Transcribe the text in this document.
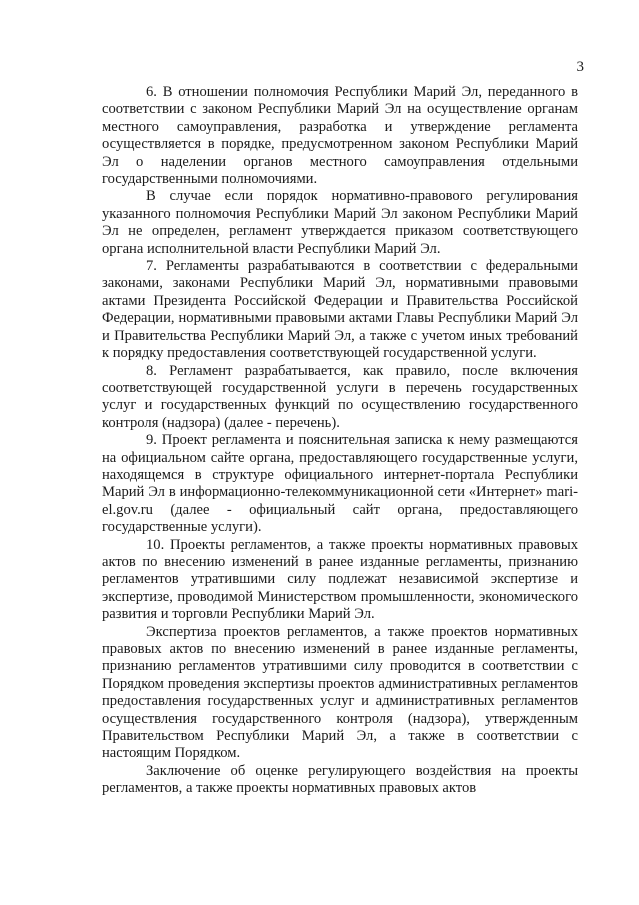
3

6. В отношении полномочия Республики Марий Эл, переданного в соответствии с законом Республики Марий Эл на осуществление органам местного самоуправления, разработка и утверждение регламента осуществляется в порядке, предусмотренном законом Республики Марий Эл о наделении органов местного самоуправления отдельными государственными полномочиями.

В случае если порядок нормативно-правового регулирования указанного полномочия Республики Марий Эл законом Республики Марий Эл не определен, регламент утверждается приказом соответствующего органа исполнительной власти Республики Марий Эл.

7. Регламенты разрабатываются в соответствии с федеральными законами, законами Республики Марий Эл, нормативными правовыми актами Президента Российской Федерации и Правительства Российской Федерации, нормативными правовыми актами Главы Республики Марий Эл и Правительства Республики Марий Эл, а также с учетом иных требований к порядку предоставления соответствующей государственной услуги.

8. Регламент разрабатывается, как правило, после включения соответствующей государственной услуги в перечень государственных услуг и государственных функций по осуществлению государственного контроля (надзора) (далее - перечень).

9. Проект регламента и пояснительная записка к нему размещаются на официальном сайте органа, предоставляющего государственные услуги, находящемся в структуре официального интернет-портала Республики Марий Эл в информационно-телекоммуникационной сети «Интернет» mari-el.gov.ru (далее - официальный сайт органа, предоставляющего государственные услуги).

10. Проекты регламентов, а также проекты нормативных правовых актов по внесению изменений в ранее изданные регламенты, признанию регламентов утратившими силу подлежат независимой экспертизе и экспертизе, проводимой Министерством промышленности, экономического развития и торговли Республики Марий Эл.

Экспертиза проектов регламентов, а также проектов нормативных правовых актов по внесению изменений в ранее изданные регламенты, признанию регламентов утратившими силу проводится в соответствии с Порядком проведения экспертизы проектов административных регламентов предоставления государственных услуг и административных регламентов осуществления государственного контроля (надзора), утвержденным Правительством Республики Марий Эл, а также в соответствии с настоящим Порядком.

Заключение об оценке регулирующего воздействия на проекты регламентов, а также проекты нормативных правовых актов
